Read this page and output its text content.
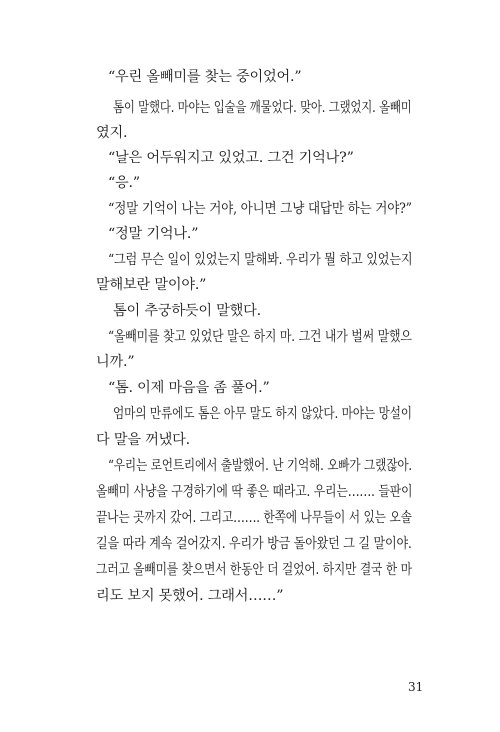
“우린 올빼미를 찾는 중이었어.”
톰이 말했다. 마야는 입술을 깨물었다. 맞아. 그랬었지. 올빼미
였지.
“날은 어두워지고 있었고. 그건 기억나?”
“응.”
“정말 기억이 나는 거야, 아니면 그냥 대답만 하는 거야?”
“정말 기억나.”
“그럼 무슨 일이 있었는지 말해봐. 우리가 뭘 하고 있었는지
말해보란 말이야.”
톰이 추궁하듯이 말했다.
“올빼미를 찾고 있었단 말은 하지 마. 그건 내가 벌써 말했으
니까.”
“톰. 이제 마음을 좀 풀어.”
엄마의 만류에도 톰은 아무 말도 하지 않았다. 마야는 망설이
다 말을 꺼냈다.
“우리는 로언트리에서 출발했어. 난 기억해. 오빠가 그랬잖아.
올빼미 사냥을 구경하기에 딱 좋은 때라고. 우리는……. 들판이
끝나는 곳까지 갔어. 그리고……. 한쪽에 나무들이 서 있는 오솔
길을 따라 계속 걸어갔지. 우리가 방금 돌아왔던 그 길 말이야.
그러고 올빼미를 찾으면서 한동안 더 걸었어. 하지만 결국 한 마
리도 보지 못했어. 그래서……”
31
